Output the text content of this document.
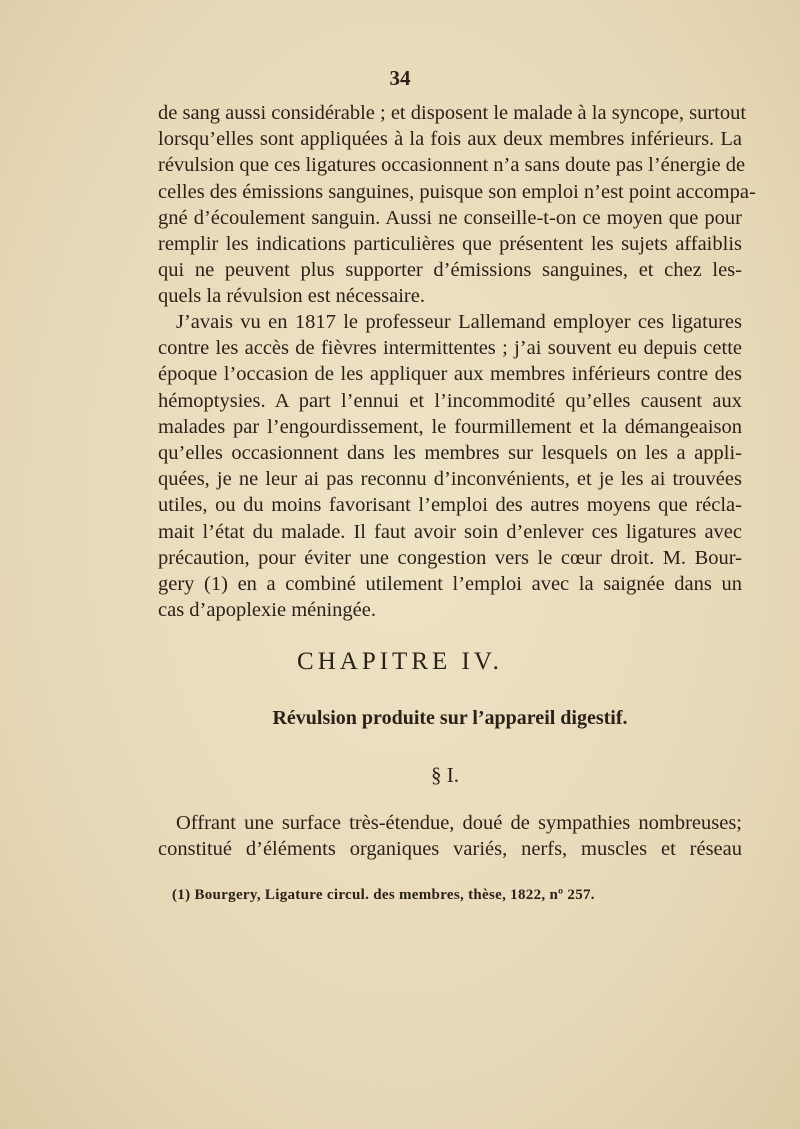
34
de sang aussi considérable ; et disposent le malade à la syncope, surtout
lorsqu’elles sont appliquées à la fois aux deux membres inférieurs. La
révulsion que ces ligatures occasionnent n’a sans doute pas l’énergie de
celles des émissions sanguines, puisque son emploi n’est point accompa-
gné d’écoulement sanguin. Aussi ne conseille-t-on ce moyen que pour
remplir les indications particulières que présentent les sujets affaiblis
qui ne peuvent plus supporter d’émissions sanguines, et chez les-
quels la révulsion est nécessaire.
J’avais vu en 1817 le professeur Lallemand employer ces ligatures
contre les accès de fièvres intermittentes ; j’ai souvent eu depuis cette
époque l’occasion de les appliquer aux membres inférieurs contre des
hémoptysies. A part l’ennui et l’incommodité qu’elles causent aux
malades par l’engourdissement, le fourmillement et la démangeaison
qu’elles occasionnent dans les membres sur lesquels on les a appli-
quées, je ne leur ai pas reconnu d’inconvénients, et je les ai trouvées
utiles, ou du moins favorisant l’emploi des autres moyens que récla-
mait l’état du malade. Il faut avoir soin d’enlever ces ligatures avec
précaution, pour éviter une congestion vers le cœur droit. M. Bour-
gery (1) en a combiné utilement l’emploi avec la saignée dans un
cas d’apoplexie méningée.
CHAPITRE IV.
Révulsion produite sur l’appareil digestif.
§ I.
Offrant une surface très-étendue, doué de sympathies nombreuses;
constitué d’éléments organiques variés, nerfs, muscles et réseau
(1) Bourgery, Ligature circul. des membres, thèse, 1822, nº 257.
